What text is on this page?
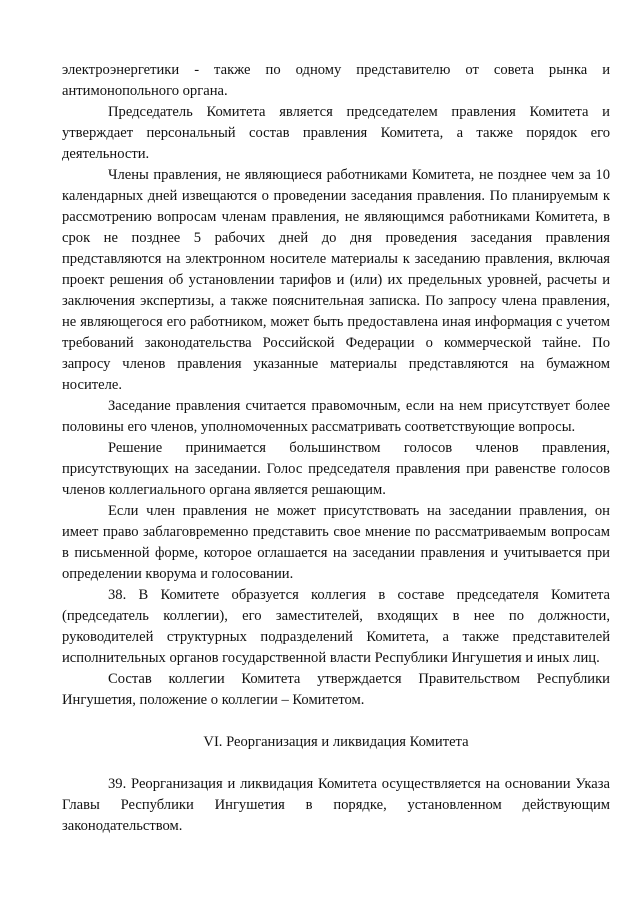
электроэнергетики - также по одному представителю от совета рынка и антимонопольного органа.

Председатель Комитета является председателем правления Комитета и утверждает персональный состав правления Комитета, а также порядок его деятельности.

Члены правления, не являющиеся работниками Комитета, не позднее чем за 10 календарных дней извещаются о проведении заседания правления. По планируемым к рассмотрению вопросам членам правления, не являющимся работниками Комитета, в срок не позднее 5 рабочих дней до дня проведения заседания правления представляются на электронном носителе материалы к заседанию правления, включая проект решения об установлении тарифов и (или) их предельных уровней, расчеты и заключения экспертизы, а также пояснительная записка. По запросу члена правления, не являющегося его работником, может быть предоставлена иная информация с учетом требований законодательства Российской Федерации о коммерческой тайне. По запросу членов правления указанные материалы представляются на бумажном носителе.

Заседание правления считается правомочным, если на нем присутствует более половины его членов, уполномоченных рассматривать соответствующие вопросы.

Решение принимается большинством голосов членов правления, присутствующих на заседании. Голос председателя правления при равенстве голосов членов коллегиального органа является решающим.

Если член правления не может присутствовать на заседании правления, он имеет право заблаговременно представить свое мнение по рассматриваемым вопросам в письменной форме, которое оглашается на заседании правления и учитывается при определении кворума и голосовании.

38. В Комитете образуется коллегия в составе председателя Комитета (председатель коллегии), его заместителей, входящих в нее по должности, руководителей структурных подразделений Комитета, а также представителей исполнительных органов государственной власти Республики Ингушетия и иных лиц.

Состав коллегии Комитета утверждается Правительством Республики Ингушетия, положение о коллегии – Комитетом.

VI. Реорганизация и ликвидация Комитета

39. Реорганизация и ликвидация Комитета осуществляется на основании Указа Главы Республики Ингушетия в порядке, установленном действующим законодательством.
